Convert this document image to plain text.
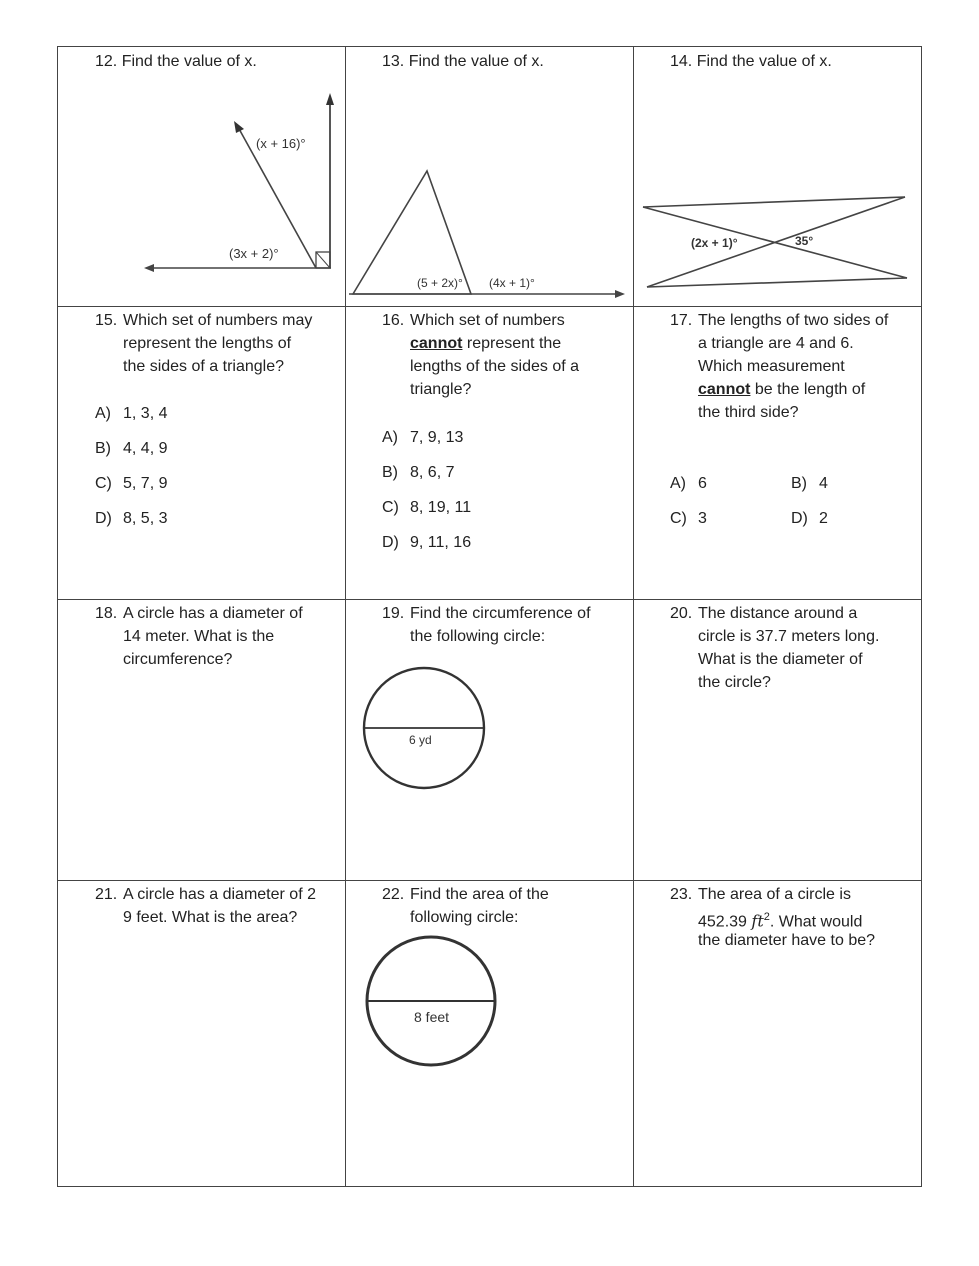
12. Find the value of x.
(x + 16)°
(3x + 2)°
13. Find the value of x.
(5 + 2x)° (4x + 1)°
14. Find the value of x.
(2x + 1)°	35°
15. Which set of numbers may
represent the lengths of
the sides of a triangle?
A) 1, 3, 4
B) 4, 4, 9
C) 5, 7, 9
D) 8, 5, 3
16. Which set of numbers
cannot represent the
lengths of the sides of a
triangle?
A) 7, 9, 13
B) 8, 6, 7
C) 8, 19, 11
D) 9, 11, 16
17. The lengths of two sides of
a triangle are 4 and 6.
Which measurement
cannot be the length of
the third side?
A) 6	B) 4
C) 3	D) 2
18. A circle has a diameter of
14 meter. What is the
circumference?
19. Find the circumference of
the following circle:
6 yd
20. The distance around a
circle is 37.7 meters long.
What is the diameter of
the circle?
21. A circle has a diameter of 2
9 feet. What is the area?
22. Find the area of the
following circle:
8 feet
23. The area of a circle is
452.39 $ft^2$. What would
the diameter have to be?
